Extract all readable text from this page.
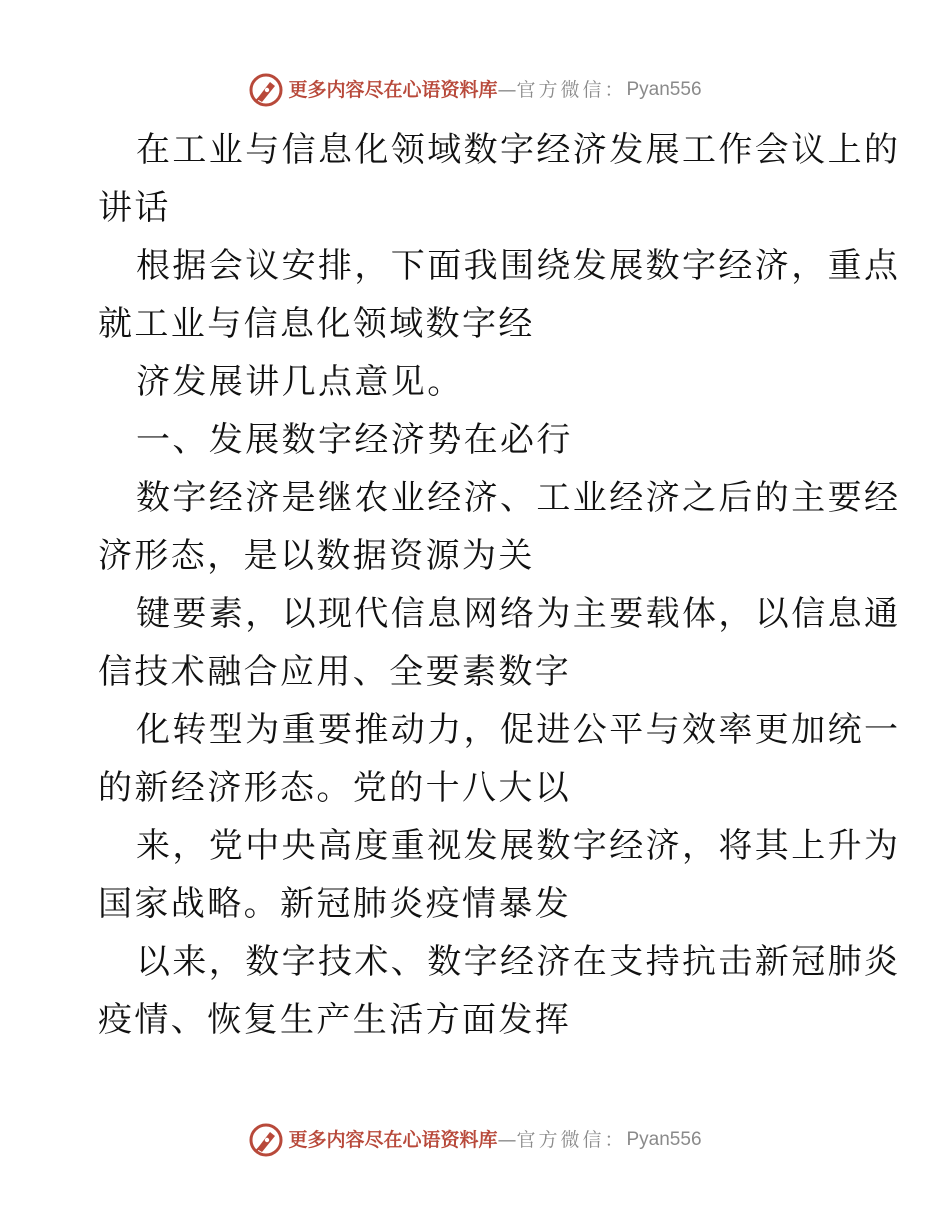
更多内容尽在心语资料库 — 官方微信： Pyan556

在工业与信息化领域数字经济发展工作会议上的
讲话

根据会议安排，下面我围绕发展数字经济，重点
就工业与信息化领域数字经

济发展讲几点意见。

一、发展数字经济势在必行

数字经济是继农业经济、工业经济之后的主要经
济形态，是以数据资源为关

键要素，以现代信息网络为主要载体，以信息通
信技术融合应用、全要素数字

化转型为重要推动力，促进公平与效率更加统一
的新经济形态。党的十八大以

来，党中央高度重视发展数字经济，将其上升为
国家战略。新冠肺炎疫情暴发

以来，数字技术、数字经济在支持抗击新冠肺炎
疫情、恢复生产生活方面发挥

更多内容尽在心语资料库 — 官方微信： Pyan556
